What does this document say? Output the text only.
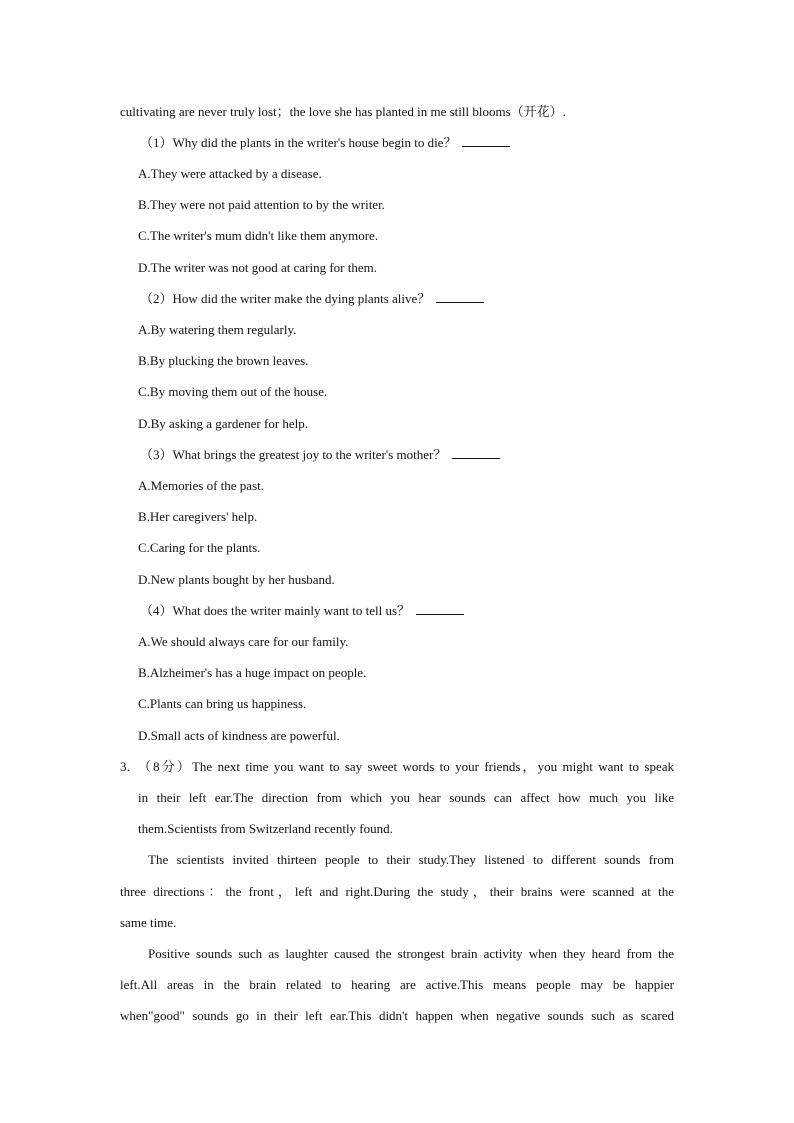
cultivating are never truly lost；the love she has planted in me still blooms（开花）.
（1）Why did the plants in the writer's house begin to die？
A.They were attacked by a disease.
B.They were not paid attention to by the writer.
C.The writer's mum didn't like them anymore.
D.The writer was not good at caring for them.
（2）How did the writer make the dying plants alive？
A.By watering them regularly.
B.By plucking the brown leaves.
C.By moving them out of the house.
D.By asking a gardener for help.
（3）What brings the greatest joy to the writer's mother？
A.Memories of the past.
B.Her caregivers' help.
C.Caring for the plants.
D.New plants bought by her husband.
（4）What does the writer mainly want to tell us？
A.We should always care for our family.
B.Alzheimer's has a huge impact on people.
C.Plants can bring us happiness.
D.Small acts of kindness are powerful.
3．
（8分）The next time you want to say sweet words to your friends，you might want to speak
in their left ear.The direction from which you hear sounds can affect how much you like
them.Scientists from Switzerland recently found.
The scientists invited thirteen people to their study.They listened to different sounds from
three directions：the front，left and right.During the study，their brains were scanned at the
same time.
Positive sounds such as laughter caused the strongest brain activity when they heard from the
left.All areas in the brain related to hearing are active.This means people may be happier
when"good" sounds go in their left ear.This didn't happen when negative sounds such as scared
